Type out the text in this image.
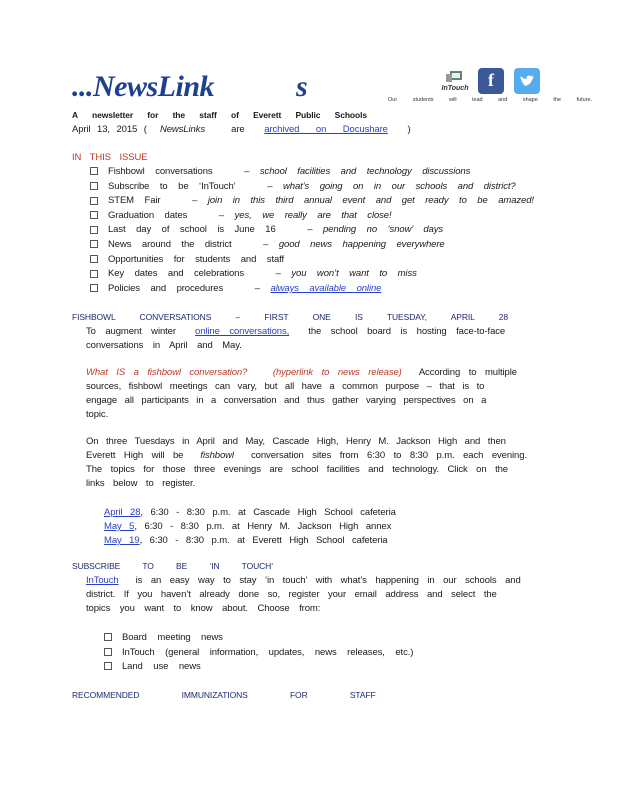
...NewsLink	s	Our students will lead and shape the future.
InTouch	f
A newsletter for the staff of Everett Public Schools
April 13, 2015 ( NewsLinks	are archived on Docushare )
IN THIS ISSUE
Fishbowl conversations	– school facilities and technology discussions
Subscribe to be ‘InTouch’	– what’s going on in our schools and district?
STEM Fair	– join in this third annual event and get ready to be amazed!
Graduation dates	– yes, we really are that close!
Last day of school is June 16	– pending no ‘snow’ days
News around the district	– good news happening everywhere
Opportunities for students and staff
Key dates and celebrations	– you won’t want to miss
Policies and procedures	– always available online
FISHBOWL CONVERSATIONS – FIRST ONE IS TUESDAY, APRIL 28
To augment winter online conversations, the school board is hosting face-to-face
conversations in April and May.
What IS a fishbowl conversation?	(hyperlink to news release) According to multiple
sources, fishbowl meetings can vary, but all have a common purpose – that is to
engage all participants in a conversation and thus gather varying perspectives on a
topic.
On three Tuesdays in April and May, Cascade High, Henry M. Jackson High and then
Everett High will be fishbowl conversation sites from 6:30 to 8:30 p.m. each evening.
The topics for those three evenings are school facilities and technology. Click on the
links below to register.
April 28, 6:30 - 8:30 p.m. at Cascade High School cafeteria
May 5, 6:30 - 8:30 p.m. at Henry M. Jackson High annex
May 19, 6:30 - 8:30 p.m. at Everett High School cafeteria
SUBSCRIBE TO BE ‘IN TOUCH’
InTouch is an easy way to stay ‘in touch’ with what’s happening in our schools and
district. If you haven’t already done so, register your email address and select the
topics you want to know about. Choose from:
Board meeting news
InTouch (general information, updates, news releases, etc.)
Land use news
RECOMMENDED IMMUNIZATIONS FOR STAFF
